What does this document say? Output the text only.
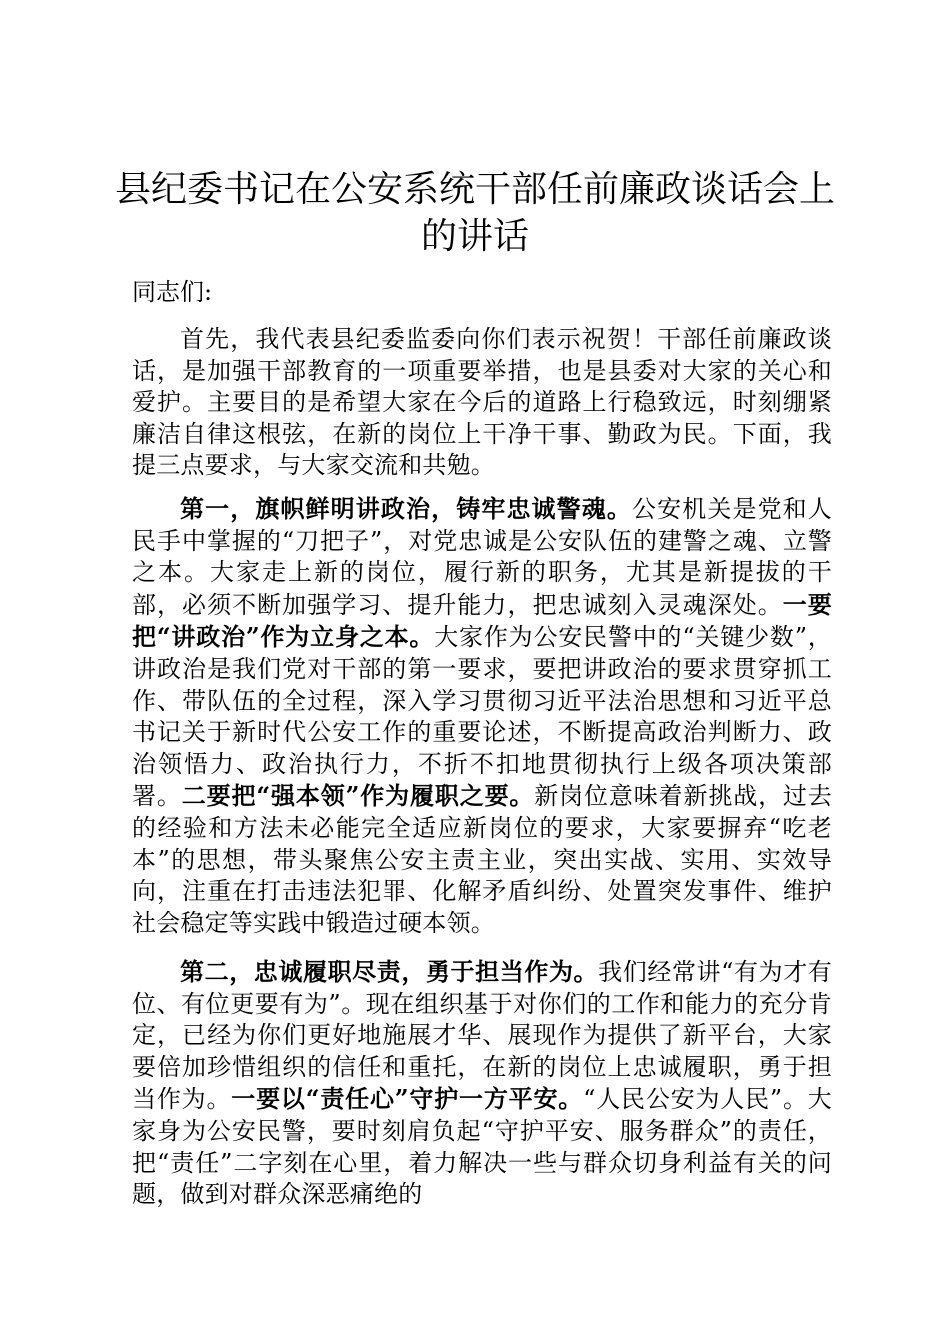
县纪委书记在公安系统干部任前廉政谈话会上的讲话

同志们:

首先，我代表县纪委监委向你们表示祝贺！干部任前廉政谈话，是加强干部教育的一项重要举措，也是县委对大家的关心和爱护。主要目的是希望大家在今后的道路上行稳致远，时刻绷紧廉洁自律这根弦，在新的岗位上干净干事、勤政为民。下面，我提三点要求，与大家交流和共勉。

第一，旗帜鲜明讲政治，铸牢忠诚警魂。公安机关是党和人民手中掌握的“刀把子”，对党忠诚是公安队伍的建警之魂、立警之本。大家走上新的岗位，履行新的职务，尤其是新提拔的干部，必须不断加强学习、提升能力，把忠诚刻入灵魂深处。一要把“讲政治”作为立身之本。大家作为公安民警中的“关键少数”，讲政治是我们党对干部的第一要求，要把讲政治的要求贯穿抓工作、带队伍的全过程，深入学习贯彻习近平法治思想和习近平总书记关于新时代公安工作的重要论述，不断提高政治判断力、政治领悟力、政治执行力，不折不扣地贯彻执行上级各项决策部署。二要把“强本领”作为履职之要。新岗位意味着新挑战，过去的经验和方法未必能完全适应新岗位的要求，大家要摒弃“吃老本”的思想，带头聚焦公安主责主业，突出实战、实用、实效导向，注重在打击违法犯罪、化解矛盾纠纷、处置突发事件、维护社会稳定等实践中锻造过硬本领。

第二，忠诚履职尽责，勇于担当作为。我们经常讲“有为才有位、有位更要有为”。现在组织基于对你们的工作和能力的充分肯定，已经为你们更好地施展才华、展现作为提供了新平台，大家要倍加珍惜组织的信任和重托，在新的岗位上忠诚履职，勇于担当作为。一要以“责任心”守护一方平安。“人民公安为人民”。大家身为公安民警，要时刻肩负起“守护平安、服务群众”的责任，把“责任”二字刻在心里，着力解决一些与群众切身利益有关的问题，做到对群众深恶痛绝的
